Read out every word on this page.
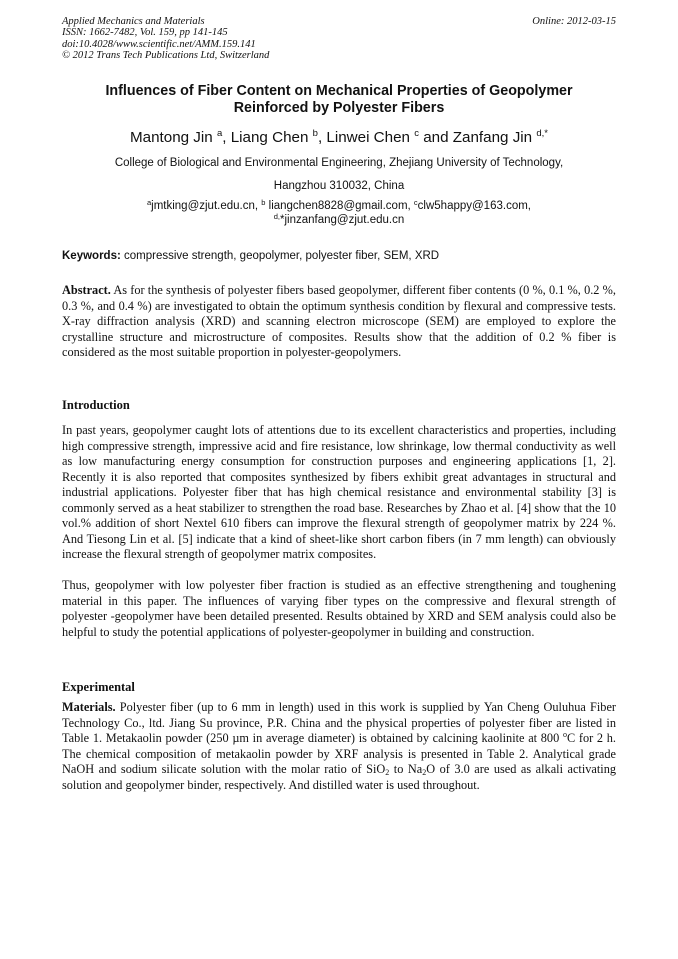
Applied Mechanics and Materials
ISSN: 1662-7482, Vol. 159, pp 141-145
doi:10.4028/www.scientific.net/AMM.159.141
© 2012 Trans Tech Publications Ltd, Switzerland
Online: 2012-03-15
Influences of Fiber Content on Mechanical Properties of Geopolymer
Reinforced by Polyester Fibers
Mantong Jin $^a$, Liang Chen $^b$, Linwei Chen $^c$ and Zanfang Jin $^{d,*}$
College of Biological and Environmental Engineering, Zhejiang University of Technology,
Hangzhou 310032, China
$^a$jmtking@zjut.edu.cn, $^b$ liangchen8828@gmail.com, $^c$clw5happy@163.com,
$^{d,}$*jinzanfang@zjut.edu.cn
Keywords: compressive strength, geopolymer, polyester fiber, SEM, XRD
Abstract. As for the synthesis of polyester fibers based geopolymer, different fiber contents (0 %, 0.1 %, 0.2 %, 0.3 %, and 0.4 %) are investigated to obtain the optimum synthesis condition by flexural and compressive tests. X-ray diffraction analysis (XRD) and scanning electron microscope (SEM) are employed to explore the crystalline structure and microstructure of composites. Results show that the addition of 0.2 % fiber is considered as the most suitable proportion in polyester-geopolymers.
Introduction
In past years, geopolymer caught lots of attentions due to its excellent characteristics and properties, including high compressive strength, impressive acid and fire resistance, low shrinkage, low thermal conductivity as well as low manufacturing energy consumption for construction purposes and engineering applications [1, 2]. Recently it is also reported that composites synthesized by fibers exhibit great advantages in structural and industrial applications. Polyester fiber that has high chemical resistance and environmental stability [3] is commonly served as a heat stabilizer to strengthen the road base. Researches by Zhao et al. [4] show that the 10 vol.% addition of short Nextel 610 fibers can improve the flexural strength of geopolymer matrix by 224 %. And Tiesong Lin et al. [5] indicate that a kind of sheet-like short carbon fibers (in 7 mm length) can obviously increase the flexural strength of geopolymer matrix composites.
Thus, geopolymer with low polyester fiber fraction is studied as an effective strengthening and toughening material in this paper. The influences of varying fiber types on the compressive and flexural strength of polyester -geopolymer have been detailed presented. Results obtained by XRD and SEM analysis could also be helpful to study the potential applications of polyester-geopolymer in building and construction.
Experimental
Materials. Polyester fiber (up to 6 mm in length) used in this work is supplied by Yan Cheng Ouluhua Fiber Technology Co., ltd. Jiang Su province, P.R. China and the physical properties of polyester fiber are listed in Table 1. Metakaolin powder (250 µm in average diameter) is obtained by calcining kaolinite at 800 $^o$C for 2 h. The chemical composition of metakaolin powder by XRF analysis is presented in Table 2. Analytical grade NaOH and sodium silicate solution with the molar ratio of SiO$_2$ to $Na_2O$ of 3.0 are used as alkali activating solution and geopolymer binder, respectively. And distilled water is used throughout.
